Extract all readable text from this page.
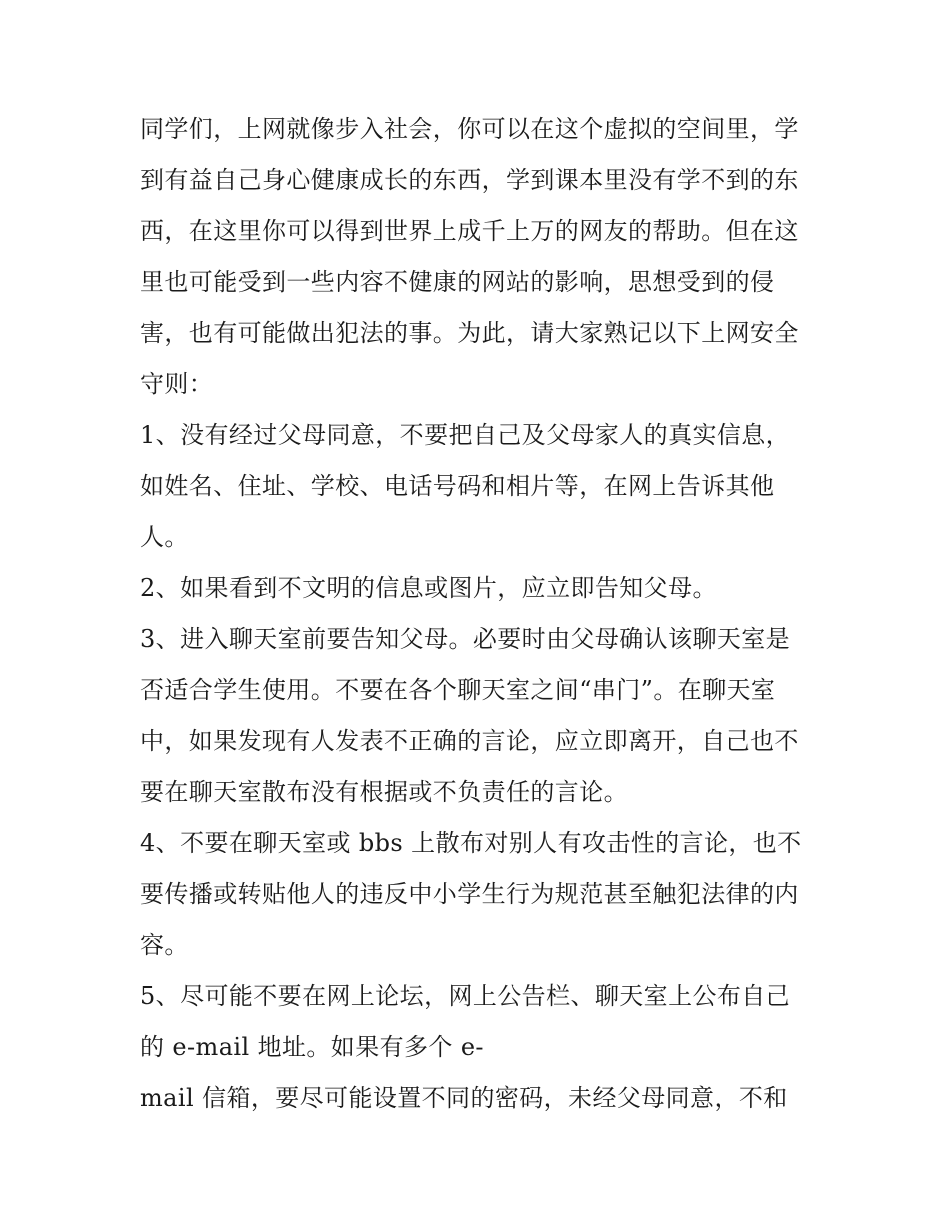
同学们，上网就像步入社会，你可以在这个虚拟的空间里，学
到有益自己身心健康成长的东西，学到课本里没有学不到的东
西，在这里你可以得到世界上成千上万的网友的帮助。但在这
里也可能受到一些内容不健康的网站的影响，思想受到的侵
害，也有可能做出犯法的事。为此，请大家熟记以下上网安全
守则：
1、没有经过父母同意，不要把自己及父母家人的真实信息，
如姓名、住址、学校、电话号码和相片等，在网上告诉其他
人。
2、如果看到不文明的信息或图片，应立即告知父母。
3、进入聊天室前要告知父母。必要时由父母确认该聊天室是
否适合学生使用。不要在各个聊天室之间“串门”。在聊天室
中，如果发现有人发表不正确的言论，应立即离开，自己也不
要在聊天室散布没有根据或不负责任的言论。
4、不要在聊天室或 bbs 上散布对别人有攻击性的言论，也不
要传播或转贴他人的违反中小学生行为规范甚至触犯法律的内
容。
5、尽可能不要在网上论坛，网上公告栏、聊天室上公布自己
的 e-mail 地址。如果有多个 e-
mail 信箱，要尽可能设置不同的密码，未经父母同意，不和
